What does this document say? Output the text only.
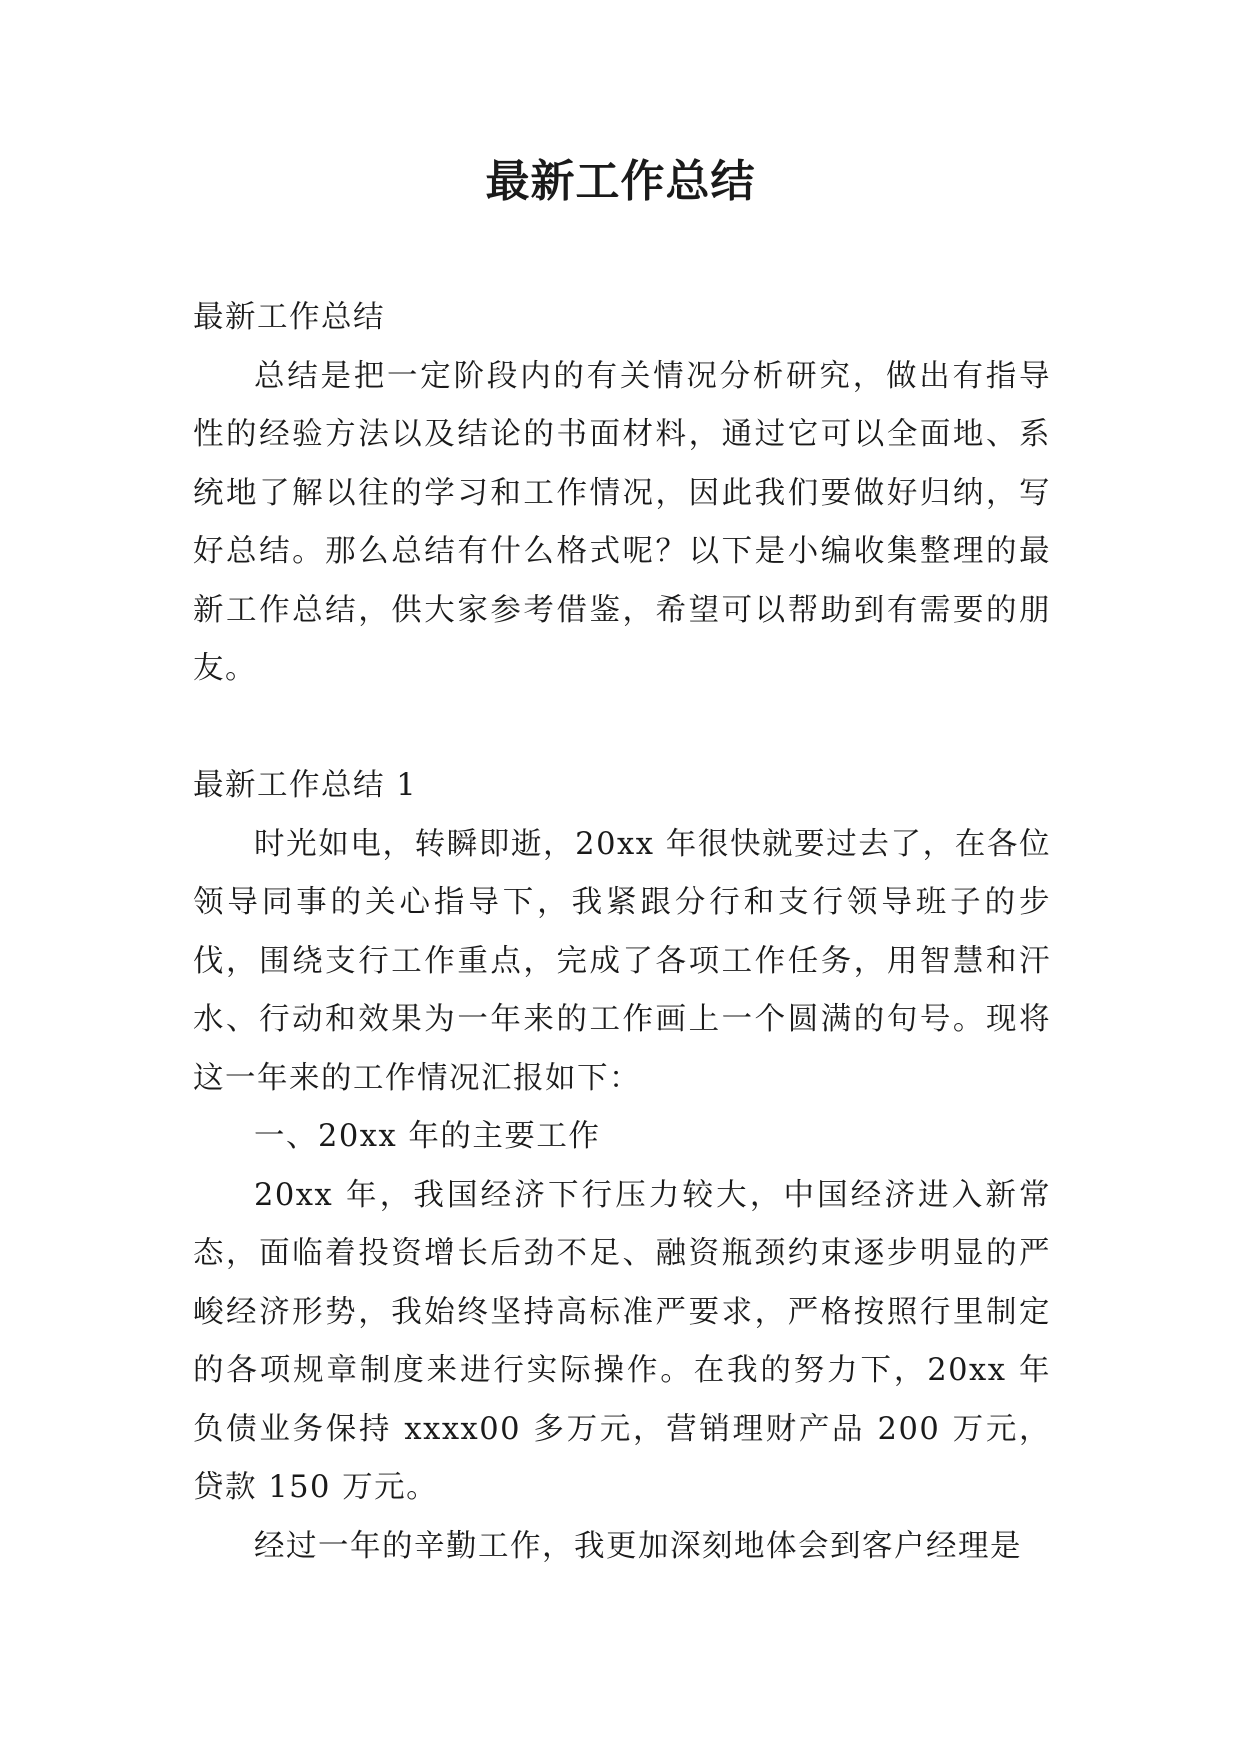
最新工作总结

最新工作总结

总结是把一定阶段内的有关情况分析研究，做出有指导性的经验方法以及结论的书面材料，通过它可以全面地、系统地了解以往的学习和工作情况，因此我们要做好归纳，写好总结。那么总结有什么格式呢？以下是小编收集整理的最新工作总结，供大家参考借鉴，希望可以帮助到有需要的朋友。

最新工作总结 1

时光如电，转瞬即逝，20xx 年很快就要过去了，在各位领导同事的关心指导下，我紧跟分行和支行领导班子的步伐，围绕支行工作重点，完成了各项工作任务，用智慧和汗水、行动和效果为一年来的工作画上一个圆满的句号。现将这一年来的工作情况汇报如下：

一、20xx 年的主要工作

20xx 年，我国经济下行压力较大，中国经济进入新常态，面临着投资增长后劲不足、融资瓶颈约束逐步明显的严峻经济形势，我始终坚持高标准严要求，严格按照行里制定的各项规章制度来进行实际操作。在我的努力下，20xx 年负债业务保持 xxxx00 多万元，营销理财产品 200 万元，贷款 150 万元。

经过一年的辛勤工作，我更加深刻地体会到客户经理是
